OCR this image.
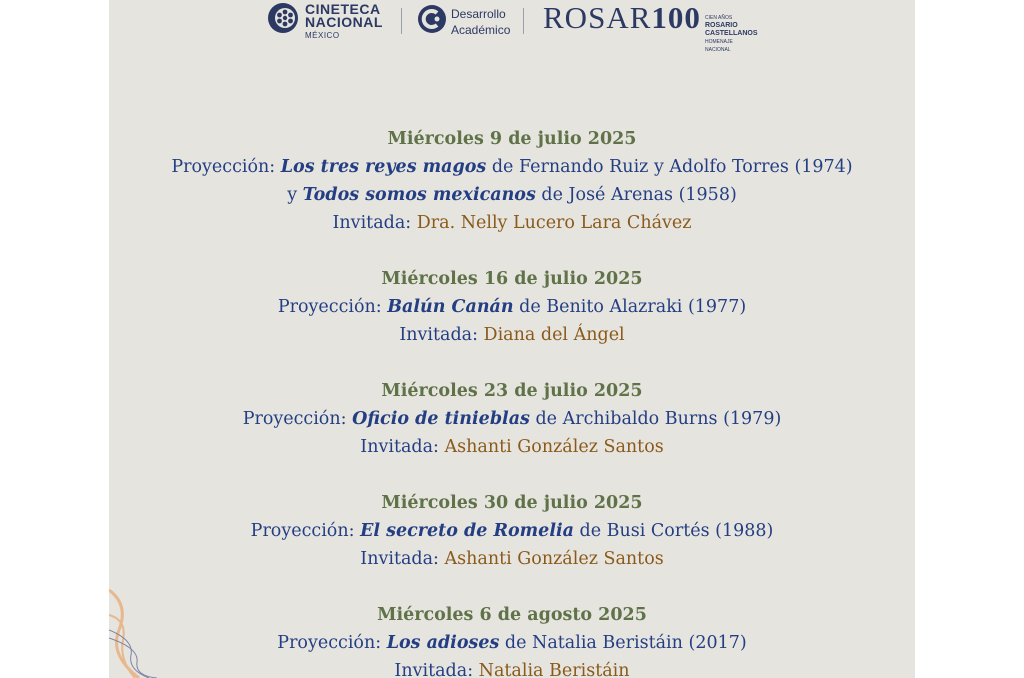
CINETECA
NACIONAL
MÉXICO
Desarrollo
Académico ROSAR100 CIEN AÑOS
ROSARIO
CASTELLANOS
HOMENAJE
NACIONAL
Miércoles 9 de julio 2025
Proyección: Los tres reyes magos de Fernando Ruiz y Adolfo Torres (1974)
y Todos somos mexicanos de José Arenas (1958)
Invitada: Dra. Nelly Lucero Lara Chávez
Miércoles 16 de julio 2025
Proyección: Balún Canán de Benito Alazraki (1977)
Invitada: Diana del Ángel
Miércoles 23 de julio 2025
Proyección: Oficio de tinieblas de Archibaldo Burns (1979)
Invitada: Ashanti González Santos
Miércoles 30 de julio 2025
Proyección: El secreto de Romelia de Busi Cortés (1988)
Invitada: Ashanti González Santos
Miércoles 6 de agosto 2025
Proyección: Los adioses de Natalia Beristáin (2017)
Invitada: Natalia Beristáin
